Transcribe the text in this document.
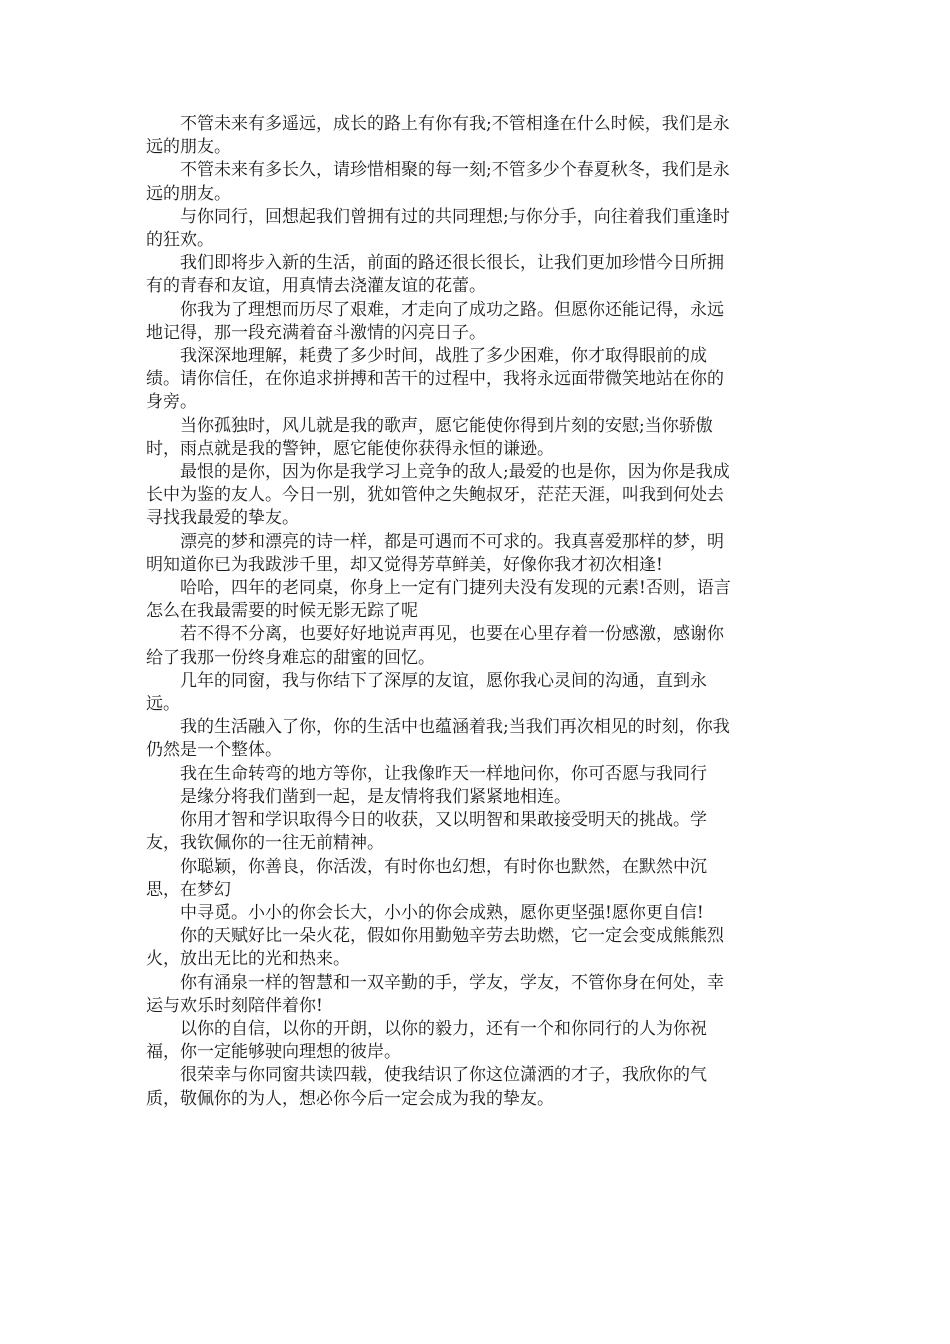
不管未来有多遥远，成长的路上有你有我;不管相逢在什么时候，我们是永
远的朋友。

不管未来有多长久，请珍惜相聚的每一刻;不管多少个春夏秋冬，我们是永
远的朋友。

与你同行，回想起我们曾拥有过的共同理想;与你分手，向往着我们重逢时
的狂欢。

我们即将步入新的生活，前面的路还很长很长，让我们更加珍惜今日所拥
有的青春和友谊，用真情去浇灌友谊的花蕾。

你我为了理想而历尽了艰难，才走向了成功之路。但愿你还能记得，永远
地记得，那一段充满着奋斗激情的闪亮日子。

我深深地理解，耗费了多少时间，战胜了多少困难，你才取得眼前的成
绩。请你信任，在你追求拼搏和苦干的过程中，我将永远面带微笑地站在你的
身旁。

当你孤独时，风儿就是我的歌声，愿它能使你得到片刻的安慰;当你骄傲
时，雨点就是我的警钟，愿它能使你获得永恒的谦逊。

最恨的是你，因为你是我学习上竞争的敌人;最爱的也是你，因为你是我成
长中为鉴的友人。今日一别，犹如管仲之失鲍叔牙，茫茫天涯，叫我到何处去
寻找我最爱的挚友。

漂亮的梦和漂亮的诗一样，都是可遇而不可求的。我真喜爱那样的梦，明
明知道你已为我跋涉千里，却又觉得芳草鲜美，好像你我才初次相逢!

哈哈，四年的老同桌，你身上一定有门捷列夫没有发现的元素!否则，语言
怎么在我最需要的时候无影无踪了呢

若不得不分离，也要好好地说声再见，也要在心里存着一份感激，感谢你
给了我那一份终身难忘的甜蜜的回忆。

几年的同窗，我与你结下了深厚的友谊，愿你我心灵间的沟通，直到永
远。

我的生活融入了你，你的生活中也蕴涵着我;当我们再次相见的时刻，你我
仍然是一个整体。

我在生命转弯的地方等你，让我像昨天一样地问你，你可否愿与我同行

是缘分将我们凿到一起，是友情将我们紧紧地相连。

你用才智和学识取得今日的收获，又以明智和果敢接受明天的挑战。学
友，我钦佩你的一往无前精神。

你聪颖，你善良，你活泼，有时你也幻想，有时你也默然，在默然中沉
思，在梦幻

中寻觅。小小的你会长大，小小的你会成熟，愿你更坚强!愿你更自信!

你的天赋好比一朵火花，假如你用勤勉辛劳去助燃，它一定会变成熊熊烈
火，放出无比的光和热来。

你有涌泉一样的智慧和一双辛勤的手，学友，学友，不管你身在何处，幸
运与欢乐时刻陪伴着你!

以你的自信，以你的开朗，以你的毅力，还有一个和你同行的人为你祝
福，你一定能够驶向理想的彼岸。

很荣幸与你同窗共读四载，使我结识了你这位潇洒的才子，我欣你的气
质，敬佩你的为人，想必你今后一定会成为我的挚友。
